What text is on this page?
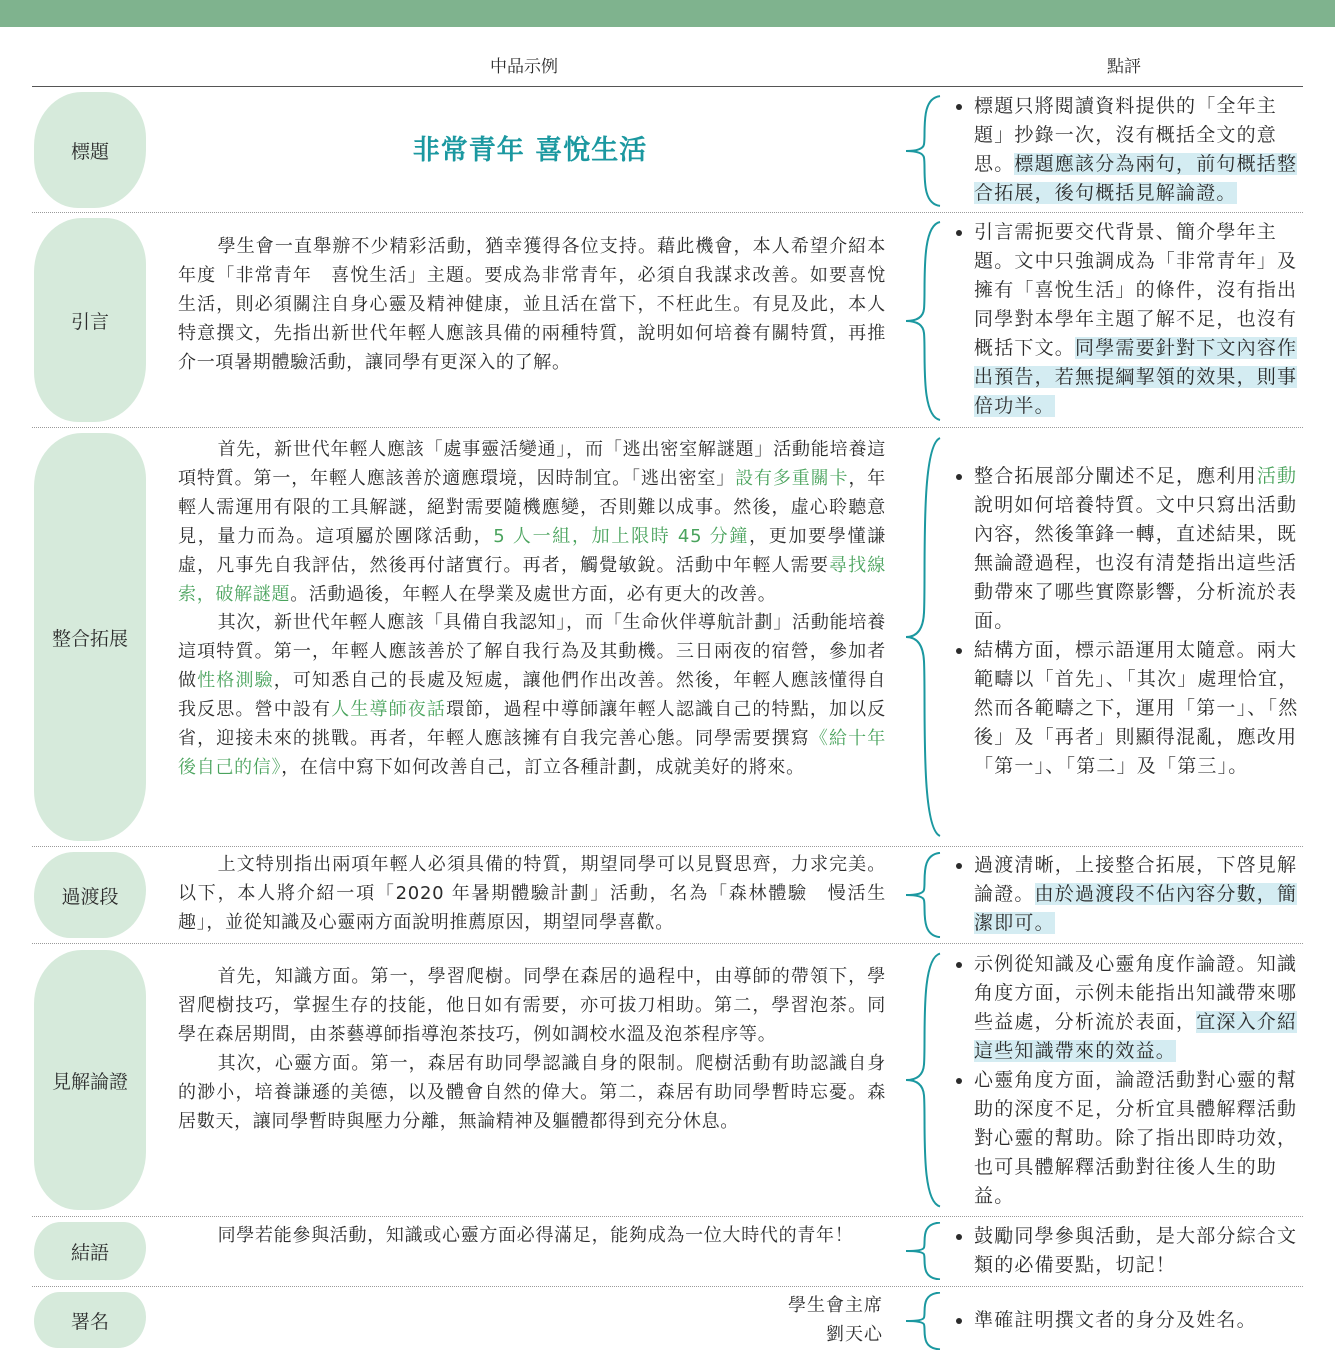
中品示例	點評
標題	非常青年 喜悅生活
• 標題只將閱讀資料提供的「全年主題」抄錄一次，沒有概括全文的意思。標題應該分為兩句，前句概括整合拓展，後句概括見解論證。
引言

學生會一直舉辦不少精彩活動，猶幸獲得各位支持。藉此機會，本人希望介紹本年度「非常青年　喜悅生活」主題。要成為非常青年，必須自我謀求改善。如要喜悅生活，則必須關注自身心靈及精神健康，並且活在當下，不枉此生。有見及此，本人特意撰文，先指出新世代年輕人應該具備的兩種特質，說明如何培養有關特質，再推介一項暑期體驗活動，讓同學有更深入的了解。

• 引言需扼要交代背景、簡介學年主題。文中只強調成為「非常青年」及擁有「喜悅生活」的條件，沒有指出同學對本學年主題了解不足，也沒有概括下文。同學需要針對下文內容作出預告，若無提綱挈領的效果，則事倍功半。
整合拓展

首先，新世代年輕人應該「處事靈活變通」，而「逃出密室解謎題」活動能培養這項特質。第一，年輕人應該善於適應環境，因時制宜。「逃出密室」設有多重關卡，年輕人需運用有限的工具解謎，絕對需要隨機應變，否則難以成事。然後，虛心聆聽意見，量力而為。這項屬於團隊活動，5 人一組，加上限時 45 分鐘，更加要學懂謙虛，凡事先自我評估，然後再付諸實行。再者，觸覺敏銳。活動中年輕人需要尋找線索，破解謎題。活動過後，年輕人在學業及處世方面，必有更大的改善。

其次，新世代年輕人應該「具備自我認知」，而「生命伙伴導航計劃」活動能培養這項特質。第一，年輕人應該善於了解自我行為及其動機。三日兩夜的宿營，參加者做性格測驗，可知悉自己的長處及短處，讓他們作出改善。然後，年輕人應該懂得自我反思。營中設有人生導師夜話環節，過程中導師讓年輕人認識自己的特點，加以反省，迎接未來的挑戰。再者，年輕人應該擁有自我完善心態。同學需要撰寫《給十年後自己的信》，在信中寫下如何改善自己，訂立各種計劃，成就美好的將來。

• 整合拓展部分闡述不足，應利用活動說明如何培養特質。文中只寫出活動內容，然後筆鋒一轉，直述結果，既無論證過程，也沒有清楚指出這些活動帶來了哪些實際影響，分析流於表面。
• 結構方面，標示語運用太隨意。兩大範疇以「首先」、「其次」處理恰宜，然而各範疇之下，運用「第一」、「然後」及「再者」則顯得混亂，應改用「第一」、「第二」及「第三」。
過渡段

上文特別指出兩項年輕人必須具備的特質，期望同學可以見賢思齊，力求完美。以下，本人將介紹一項「2020 年暑期體驗計劃」活動，名為「森林體驗　慢活生趣」，並從知識及心靈兩方面說明推薦原因，期望同學喜歡。

• 過渡清晰，上接整合拓展，下啓見解論證。由於過渡段不佔內容分數，簡潔即可。
見解論證

首先，知識方面。第一，學習爬樹。同學在森居的過程中，由導師的帶領下，學習爬樹技巧，掌握生存的技能，他日如有需要，亦可拔刀相助。第二，學習泡茶。同學在森居期間，由茶藝導師指導泡茶技巧，例如調校水溫及泡茶程序等。

其次，心靈方面。第一，森居有助同學認識自身的限制。爬樹活動有助認識自身的渺小，培養謙遜的美德，以及體會自然的偉大。第二，森居有助同學暫時忘憂。森居數天，讓同學暫時與壓力分離，無論精神及軀體都得到充分休息。

• 示例從知識及心靈角度作論證。知識角度方面，示例未能指出知識帶來哪些益處，分析流於表面，宜深入介紹這些知識帶來的效益。
• 心靈角度方面，論證活動對心靈的幫助的深度不足，分析宜具體解釋活動對心靈的幫助。除了指出即時功效，也可具體解釋活動對往後人生的助益。
結語

同學若能參與活動，知識或心靈方面必得滿足，能夠成為一位大時代的青年！

•	鼓勵同學參與活動，是大部分綜合文類的必備要點，切記！
署名
學生會主席
劉天心
• 準確註明撰文者的身分及姓名。
